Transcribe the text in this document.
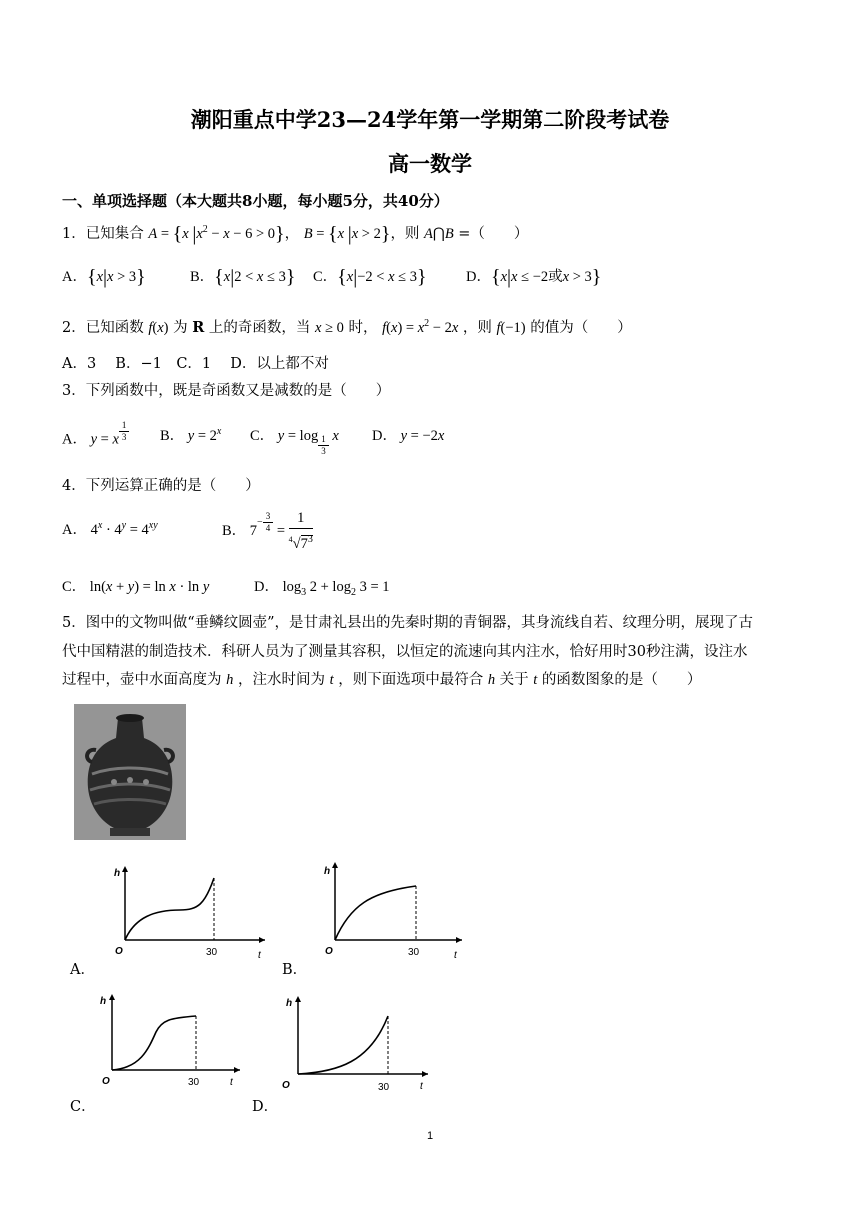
潮阳重点中学23—24学年第一学期第二阶段考试卷
高一数学
一、单项选择题（本大题共8小题，每小题5分，共40分）
1．已知集合 A = {x $|x^2 - x - 6 > 0$}， B = {x |x > 2}，则 A⋂B =（　　）
A．{x|x > 3}	B．{x|2 < x ≤ 3} C．{x|−2 < x ≤ 3}	D．{x|x ≤ −2或x > 3}
2．已知函数 f(x) 为 R 上的奇函数，当 x ≥ 0 时， $f(x) = x^2 - 2x$ ，则 f(−1) 的值为（　　）
A．3　 B．−1　C．1　 D．以上都不对
3．下列函数中，既是奇函数又是减数的是（　　）
A． y = x $^{\frac{1}{3}}$ B． $y = 2^x$ C． y = log $_{\frac{1}{3}}$ x D． y = −2x
4．下列运算正确的是（　　）
A． $4^x \cdot 4^y = 4^{xy}$	B． $7^{- \frac{3}{4}} = \frac{1}{^4√7^3}$
C． ln(x + y) = ln x · ln y	D． $\log_3 2 + \log_2 3 = 1$
5．图中的文物叫做“垂鳞纹圆壶”，是甘肃礼县出的先秦时期的青铜器，其身流线自若、纹理分明，展现了古
代中国精湛的制造技术．科研人员为了测量其容积，以恒定的流速向其内注水，恰好用时30秒注满，设注水
过程中，壶中水面高度为 h ，注水时间为 t ，则下面选项中最符合 h 关于 t 的函数图象的是（　　）
h
t
O	30
A．
h
t
O	30
B．
h
t
O	30
C．
h
t
O	30
D．
1
